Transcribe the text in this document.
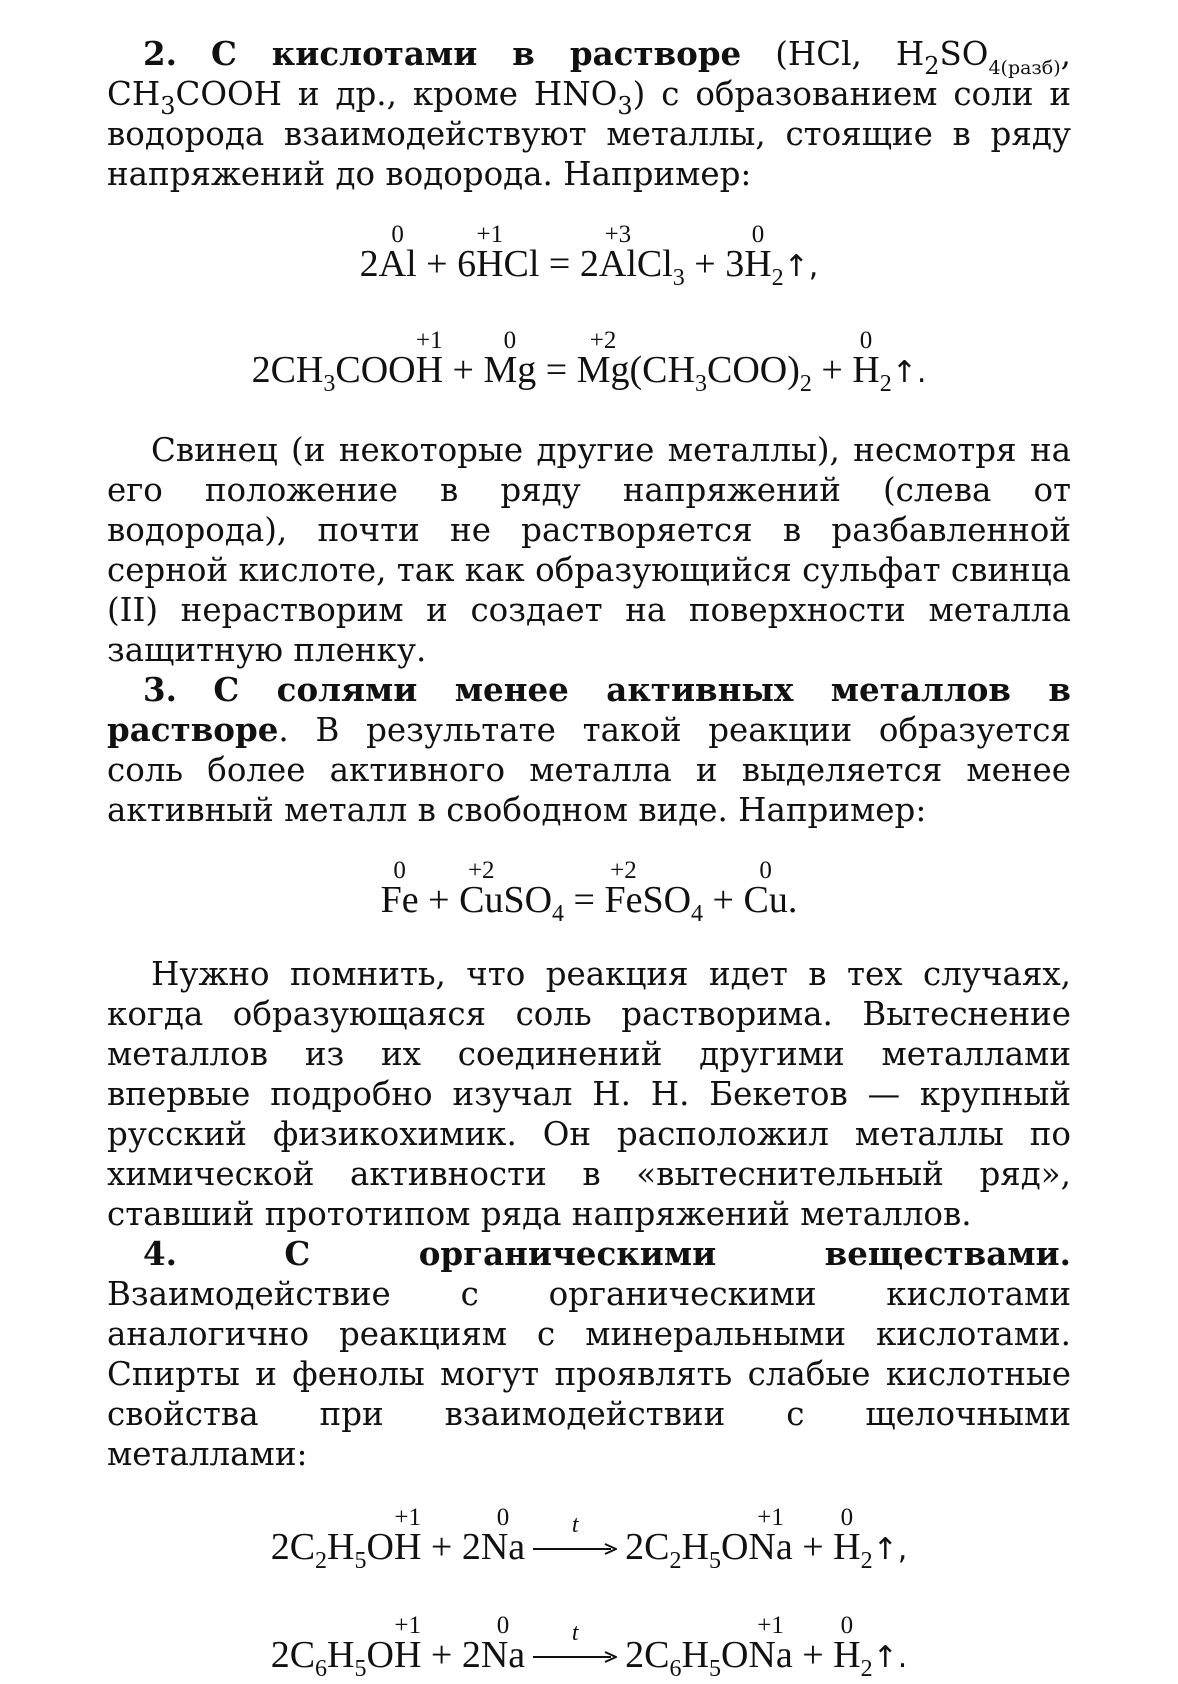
2. С кислотами в растворе (HCl, $H_2SO_{4(разб)}$, $CH_3COOH$ и др., кроме $HNO_3$) с образованием соли и водорода взаимодействуют металлы, стоящие в ряду напряжений до водорода. Например:

2
0
Al + 6
+1
HCl = 2
+3
AlCl$_3$ + 3
0
$H_2↑$,

$2CH_3COO$
+1
H +
0
Mg =
+2
$Mg(CH_3COO)_2$ +
0
$H_2↑$.

Свинец (и некоторые другие металлы), несмотря на его положение в ряду напряжений (слева от водорода), почти не растворяется в разбавленной серной кислоте, так как образующийся сульфат свинца (II) нерастворим и создает на поверхности металла защитную пленку.

3. С солями менее активных металлов в растворе. В результате такой реакции образуется соль более активного металла и выделяется менее активный металл в свободном виде. Например:

0
Fe +
+2
CuSO$_4$ =
+2
FeSO$_4$ +
0
Cu.

Нужно помнить, что реакция идет в тех случаях, когда образующаяся соль растворима. Вытеснение металлов из их соединений другими металлами впервые подробно изучал Н. Н. Бекетов — крупный русский физикохимик. Он расположил металлы по химической активности в «вытеснительный ряд», ставший прототипом ряда напряжений металлов.

4.	С органическими веществами. Взаимодействие с органическими кислотами аналогично реакциям с минеральными кислотами. Спирты и фенолы могут проявлять слабые кислотные свойства при взаимодействии с щелочными металлами:

$2C_2H_5O$
+1
H + 2
0
Na
t
$2C_2H_5O$
+1
Na +
0
$H_2↑$,

$2C_6H_5O$
+1
H + 2
0
Na
t
$2C_6H_5O$
+1
Na +
0
$H_2↑$.
